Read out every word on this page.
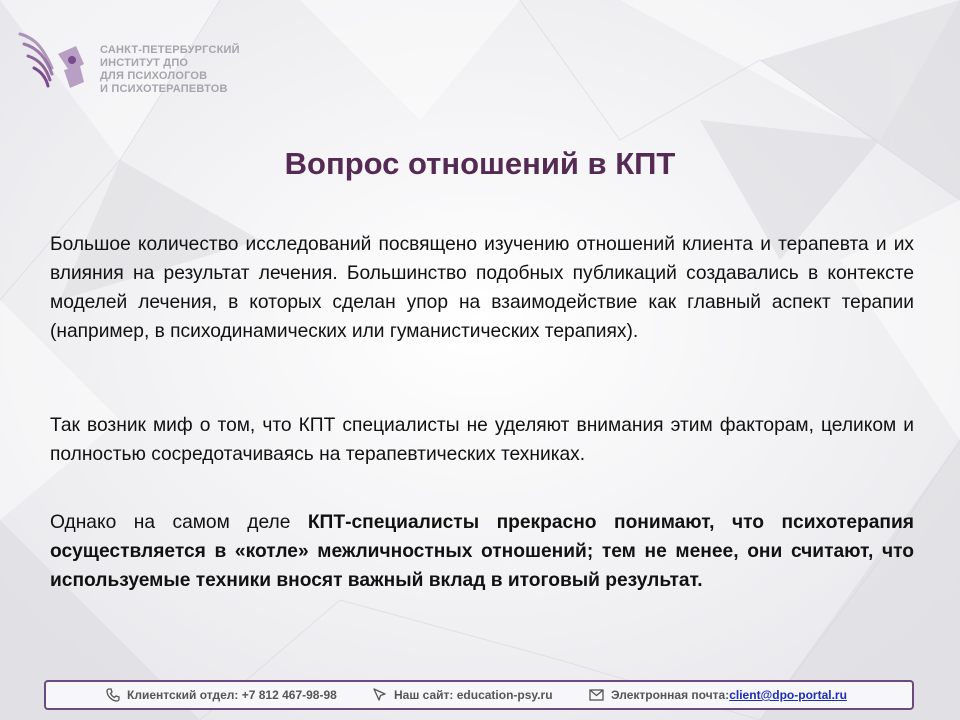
САНКТ-ПЕТЕРБУРГСКИЙ
ИНСТИТУТ ДПО
ДЛЯ ПСИХОЛОГОВ
И ПСИХОТЕРАПЕВТОВ
Вопрос отношений в КПТ

Большое количество исследований посвящено изучению отношений клиента и терапевта и их влияния на результат лечения. Большинство подобных публикаций создавались в контексте моделей лечения, в которых сделан упор на взаимодействие как главный аспект терапии (например, в психодинамических или гуманистических терапиях).

Так возник миф о том, что КПТ специалисты не уделяют внимания этим факторам, целиком и полностью сосредотачиваясь на терапевтических техниках.

Однако на самом деле КПТ-специалисты прекрасно понимают, что психотерапия осуществляется в «котле» межличностных отношений; тем не менее, они считают, что используемые техники вносят важный вклад в итоговый результат.

Клиентский отдел: +7 812 467-98-98	Наш сайт: education-psy.ru	Электронная почта: client@dpo-portal.ru
